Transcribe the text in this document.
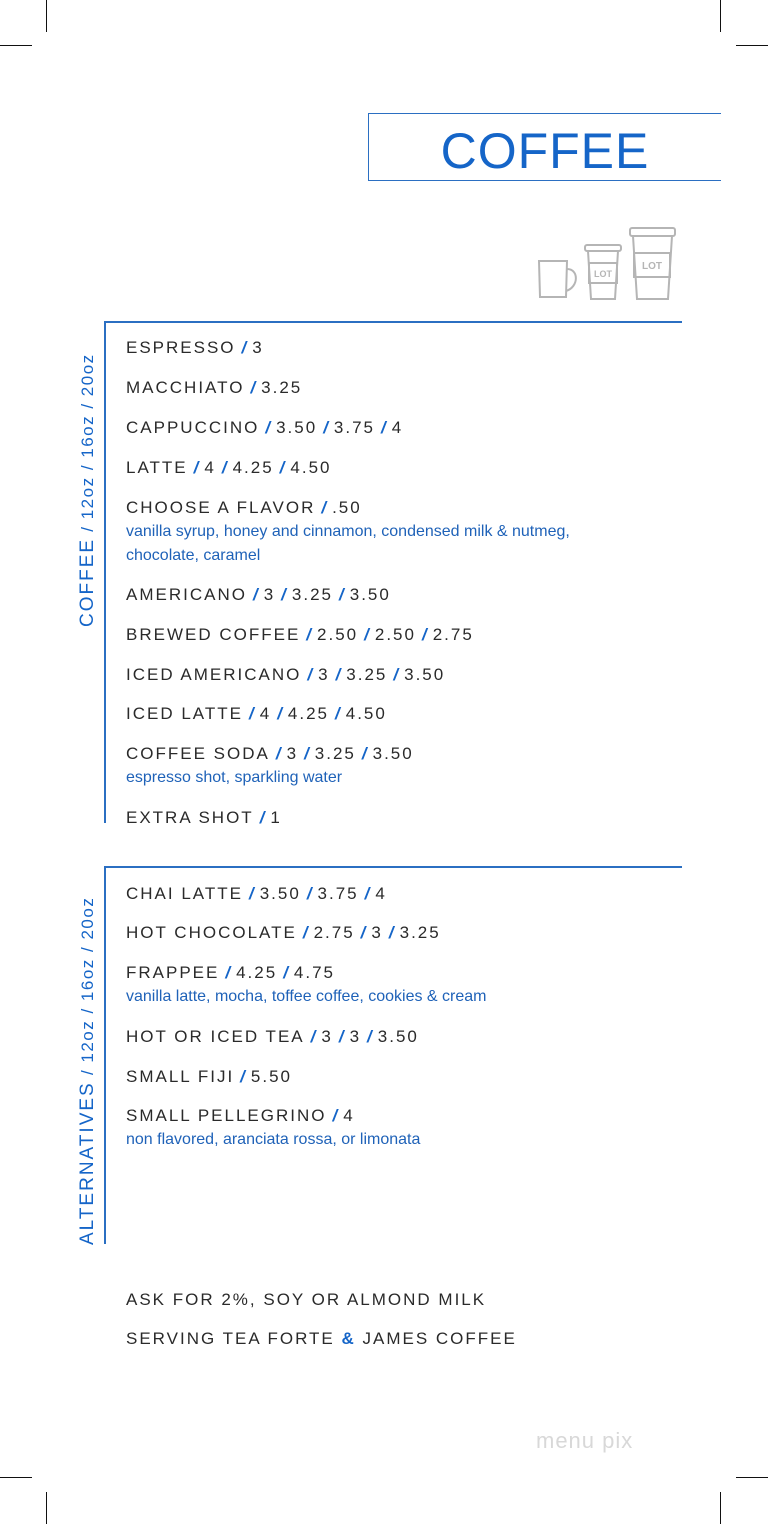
COFFEE
LOT
LOT
COFFEE / 12oz / 16oz / 20oz
ESPRESSO / 3
MACCHIATO / 3.25
CAPPUCCINO / 3.50 / 3.75 / 4
LATTE / 4 / 4.25 / 4.50
CHOOSE A FLAVOR / .50
vanilla syrup, honey and cinnamon, condensed milk & nutmeg, chocolate, caramel
AMERICANO / 3 / 3.25 / 3.50
BREWED COFFEE / 2.50 / 2.50 / 2.75
ICED AMERICANO / 3 / 3.25 / 3.50
ICED LATTE / 4 / 4.25 / 4.50
COFFEE SODA / 3 / 3.25 / 3.50
espresso shot, sparkling water
EXTRA SHOT / 1
ALTERNATIVES / 12oz / 16oz / 20oz
CHAI LATTE / 3.50 / 3.75 / 4
HOT CHOCOLATE / 2.75 / 3 / 3.25
FRAPPEE / 4.25 / 4.75
vanilla latte, mocha, toffee coffee, cookies & cream
HOT OR ICED TEA / 3 / 3 / 3.50
SMALL FIJI / 5.50
SMALL PELLEGRINO / 4
non flavored, aranciata rossa, or limonata
ASK FOR 2%, SOY OR ALMOND MILK
SERVING TEA FORTE & JAMES COFFEE
menu pix
